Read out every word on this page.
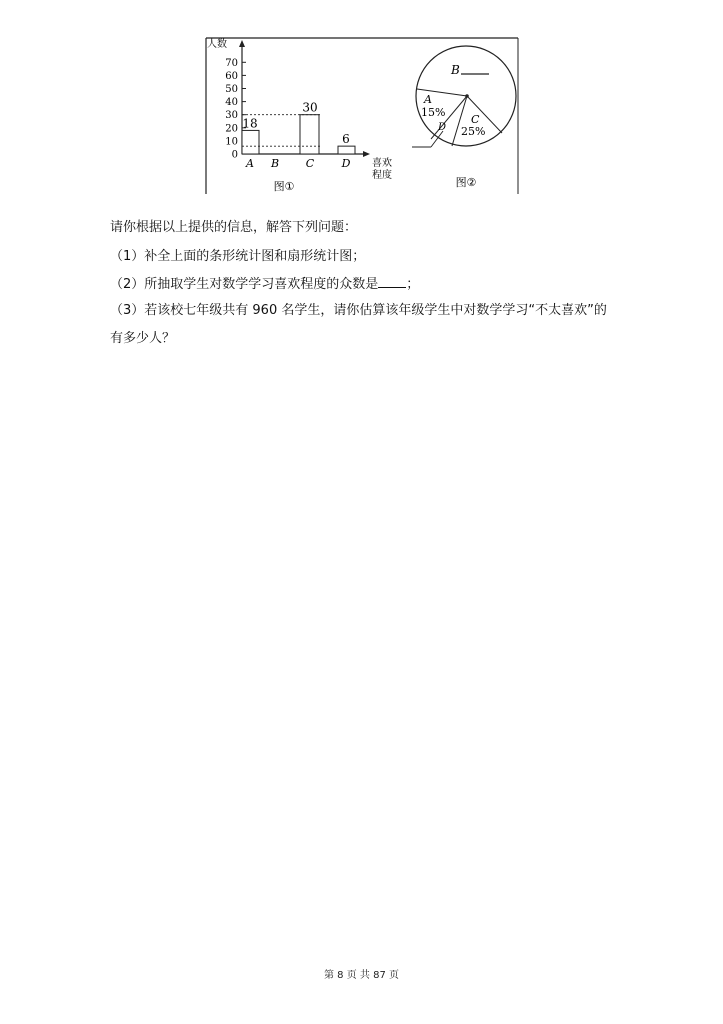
人数
喜欢
程度
0
10
20
30
40
50
60
70
18
A B
30
C
6
D
图①
B
A
15%
C
25%
D
图②
请你根据以上提供的信息，解答下列问题：
（1）补全上面的条形统计图和扇形统计图；
（2）所抽取学生对数学学习喜欢程度的众数是 ；
（3）若该校七年级共有 960 名学生，请你估算该年级学生中对数学学习“不太喜欢”的
有多少人？
第 8 页 共 87 页
